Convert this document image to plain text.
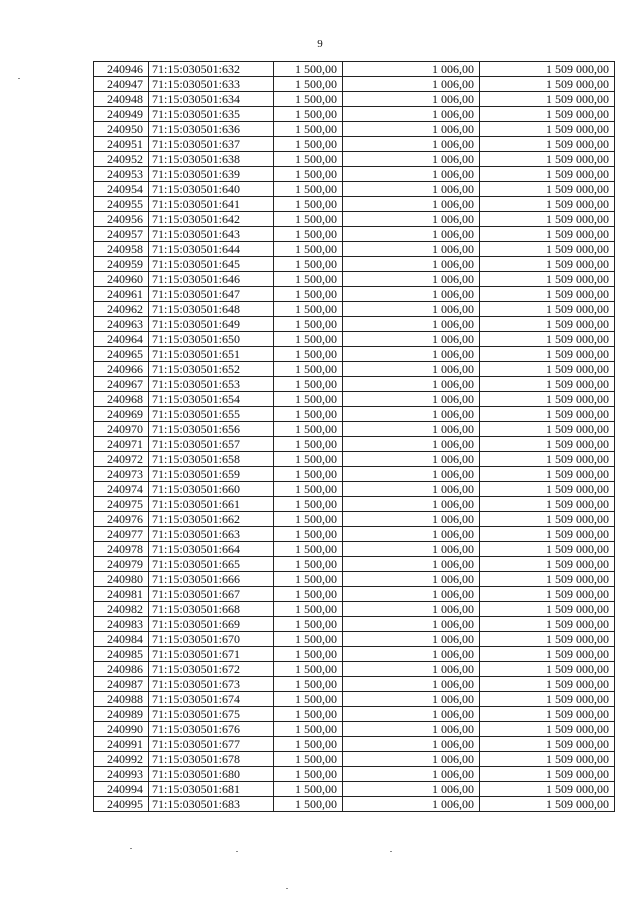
9
240946	71:15:030501:632	1 500,00	1 006,00	1 509 000,00
240947	71:15:030501:633	1 500,00	1 006,00	1 509 000,00
240948	71:15:030501:634	1 500,00	1 006,00	1 509 000,00
240949	71:15:030501:635	1 500,00	1 006,00	1 509 000,00
240950	71:15:030501:636	1 500,00	1 006,00	1 509 000,00
240951	71:15:030501:637	1 500,00	1 006,00	1 509 000,00
240952	71:15:030501:638	1 500,00	1 006,00	1 509 000,00
240953	71:15:030501:639	1 500,00	1 006,00	1 509 000,00
240954	71:15:030501:640	1 500,00	1 006,00	1 509 000,00
240955	71:15:030501:641	1 500,00	1 006,00	1 509 000,00
240956	71:15:030501:642	1 500,00	1 006,00	1 509 000,00
240957	71:15:030501:643	1 500,00	1 006,00	1 509 000,00
240958	71:15:030501:644	1 500,00	1 006,00	1 509 000,00
240959	71:15:030501:645	1 500,00	1 006,00	1 509 000,00
240960	71:15:030501:646	1 500,00	1 006,00	1 509 000,00
240961	71:15:030501:647	1 500,00	1 006,00	1 509 000,00
240962	71:15:030501:648	1 500,00	1 006,00	1 509 000,00
240963	71:15:030501:649	1 500,00	1 006,00	1 509 000,00
240964	71:15:030501:650	1 500,00	1 006,00	1 509 000,00
240965	71:15:030501:651	1 500,00	1 006,00	1 509 000,00
240966	71:15:030501:652	1 500,00	1 006,00	1 509 000,00
240967	71:15:030501:653	1 500,00	1 006,00	1 509 000,00
240968	71:15:030501:654	1 500,00	1 006,00	1 509 000,00
240969	71:15:030501:655	1 500,00	1 006,00	1 509 000,00
240970	71:15:030501:656	1 500,00	1 006,00	1 509 000,00
240971	71:15:030501:657	1 500,00	1 006,00	1 509 000,00
240972	71:15:030501:658	1 500,00	1 006,00	1 509 000,00
240973	71:15:030501:659	1 500,00	1 006,00	1 509 000,00
240974	71:15:030501:660	1 500,00	1 006,00	1 509 000,00
240975	71:15:030501:661	1 500,00	1 006,00	1 509 000,00
240976	71:15:030501:662	1 500,00	1 006,00	1 509 000,00
240977	71:15:030501:663	1 500,00	1 006,00	1 509 000,00
240978	71:15:030501:664	1 500,00	1 006,00	1 509 000,00
240979	71:15:030501:665	1 500,00	1 006,00	1 509 000,00
240980	71:15:030501:666	1 500,00	1 006,00	1 509 000,00
240981	71:15:030501:667	1 500,00	1 006,00	1 509 000,00
240982	71:15:030501:668	1 500,00	1 006,00	1 509 000,00
240983	71:15:030501:669	1 500,00	1 006,00	1 509 000,00
240984	71:15:030501:670	1 500,00	1 006,00	1 509 000,00
240985	71:15:030501:671	1 500,00	1 006,00	1 509 000,00
240986	71:15:030501:672	1 500,00	1 006,00	1 509 000,00
240987	71:15:030501:673	1 500,00	1 006,00	1 509 000,00
240988	71:15:030501:674	1 500,00	1 006,00	1 509 000,00
240989	71:15:030501:675	1 500,00	1 006,00	1 509 000,00
240990	71:15:030501:676	1 500,00	1 006,00	1 509 000,00
240991	71:15:030501:677	1 500,00	1 006,00	1 509 000,00
240992	71:15:030501:678	1 500,00	1 006,00	1 509 000,00
240993	71:15:030501:680	1 500,00	1 006,00	1 509 000,00
240994	71:15:030501:681	1 500,00	1 006,00	1 509 000,00
240995	71:15:030501:683	1 500,00	1 006,00	1 509 000,00
